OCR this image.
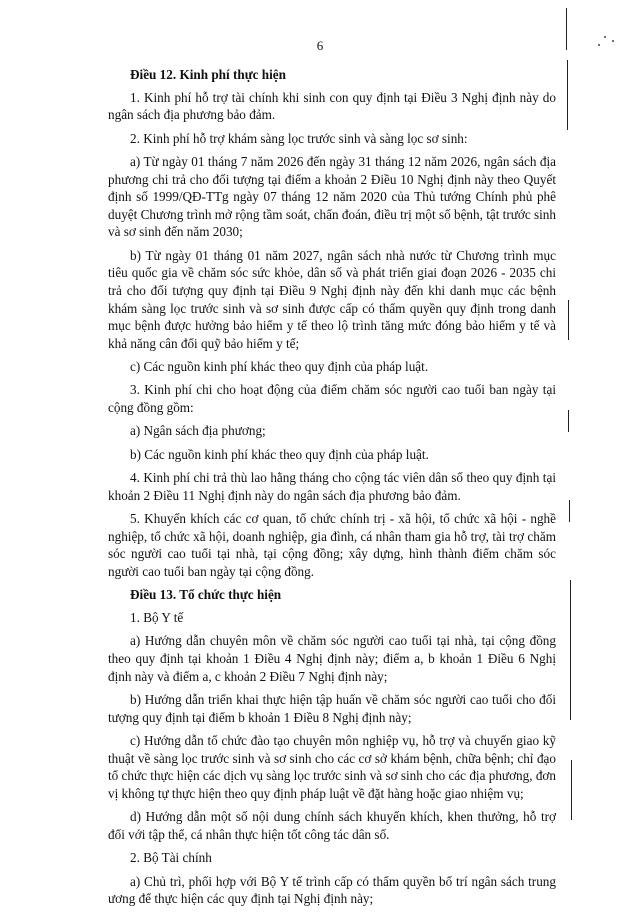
6

Điều 12. Kinh phí thực hiện

1. Kinh phí hỗ trợ tài chính khi sinh con quy định tại Điều 3 Nghị định này do ngân sách địa phương bảo đảm.

2. Kinh phí hỗ trợ khám sàng lọc trước sinh và sàng lọc sơ sinh:

a) Từ ngày 01 tháng 7 năm 2026 đến ngày 31 tháng 12 năm 2026, ngân sách địa phương chi trả cho đối tượng tại điểm a khoản 2 Điều 10 Nghị định này theo Quyết định số 1999/QĐ-TTg ngày 07 tháng 12 năm 2020 của Thủ tướng Chính phủ phê duyệt Chương trình mở rộng tầm soát, chẩn đoán, điều trị một số bệnh, tật trước sinh và sơ sinh đến năm 2030;

b) Từ ngày 01 tháng 01 năm 2027, ngân sách nhà nước từ Chương trình mục tiêu quốc gia về chăm sóc sức khỏe, dân số và phát triển giai đoạn 2026 - 2035 chi trả cho đối tượng quy định tại Điều 9 Nghị định này đến khi danh mục các bệnh khám sàng lọc trước sinh và sơ sinh được cấp có thẩm quyền quy định trong danh mục bệnh được hưởng bảo hiểm y tế theo lộ trình tăng mức đóng bảo hiểm y tế và khả năng cân đối quỹ bảo hiểm y tế;

c) Các nguồn kinh phí khác theo quy định của pháp luật.

3. Kinh phí chi cho hoạt động của điểm chăm sóc người cao tuổi ban ngày tại cộng đồng gồm:

a) Ngân sách địa phương;

b) Các nguồn kinh phí khác theo quy định của pháp luật.

4. Kinh phí chi trả thù lao hằng tháng cho cộng tác viên dân số theo quy định tại khoản 2 Điều 11 Nghị định này do ngân sách địa phương bảo đảm.

5. Khuyến khích các cơ quan, tổ chức chính trị - xã hội, tổ chức xã hội - nghề nghiệp, tổ chức xã hội, doanh nghiệp, gia đình, cá nhân tham gia hỗ trợ, tài trợ chăm sóc người cao tuổi tại nhà, tại cộng đồng; xây dựng, hình thành điểm chăm sóc người cao tuổi ban ngày tại cộng đồng.

Điều 13. Tổ chức thực hiện

1. Bộ Y tế

a) Hướng dẫn chuyên môn về chăm sóc người cao tuổi tại nhà, tại cộng đồng theo quy định tại khoản 1 Điều 4 Nghị định này; điểm a, b khoản 1 Điều 6 Nghị định này và điểm a, c khoản 2 Điều 7 Nghị định này;

b) Hướng dẫn triển khai thực hiện tập huấn về chăm sóc người cao tuổi cho đối tượng quy định tại điểm b khoản 1 Điều 8 Nghị định này;

c) Hướng dẫn tổ chức đào tạo chuyên môn nghiệp vụ, hỗ trợ và chuyển giao kỹ thuật về sàng lọc trước sinh và sơ sinh cho các cơ sở khám bệnh, chữa bệnh; chỉ đạo tổ chức thực hiện các dịch vụ sàng lọc trước sinh và sơ sinh cho các địa phương, đơn vị không tự thực hiện theo quy định pháp luật về đặt hàng hoặc giao nhiệm vụ;

d) Hướng dẫn một số nội dung chính sách khuyến khích, khen thưởng, hỗ trợ đối với tập thể, cá nhân thực hiện tốt công tác dân số.

2. Bộ Tài chính

a) Chủ trì, phối hợp với Bộ Y tế trình cấp có thẩm quyền bố trí ngân sách trung ương để thực hiện các quy định tại Nghị định này;
